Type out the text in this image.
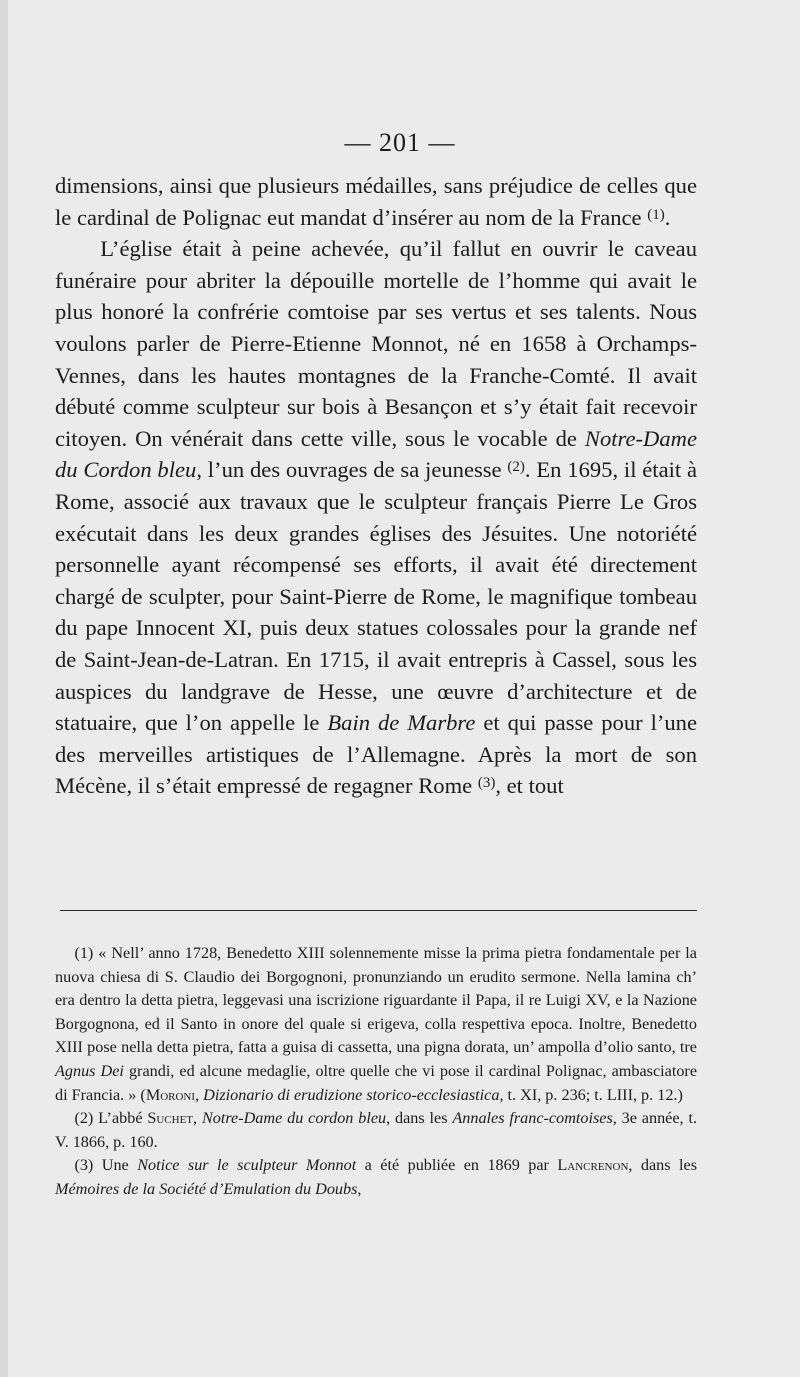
— 201 —

dimensions, ainsi que plusieurs médailles, sans préjudice de celles que le cardinal de Polignac eut mandat d’insérer au nom de la France $^{(1)}$.

L’église était à peine achevée, qu’il fallut en ouvrir le caveau funéraire pour abriter la dépouille mortelle de l’homme qui avait le plus honoré la confrérie comtoise par ses vertus et ses talents. Nous voulons parler de Pierre-Etienne Monnot, né en 1658 à Orchamps-Vennes, dans les hautes montagnes de la Franche-Comté. Il avait débuté comme sculpteur sur bois à Besançon et s’y était fait recevoir citoyen. On vénérait dans cette ville, sous le vocable de Notre-Dame du Cordon bleu, l’un des ouvrages de sa jeunesse $^{(2)}$. En 1695, il était à Rome, associé aux travaux que le sculpteur français Pierre Le Gros exécutait dans les deux grandes églises des Jésuites. Une notoriété personnelle ayant récompensé ses efforts, il avait été directement chargé de sculpter, pour Saint-Pierre de Rome, le magnifique tombeau du pape Innocent XI, puis deux statues colossales pour la grande nef de Saint-Jean-de-Latran. En 1715, il avait entrepris à Cassel, sous les auspices du landgrave de Hesse, une œuvre d’architecture et de statuaire, que l’on appelle le Bain de Marbre et qui passe pour l’une des merveilles artistiques de l’Allemagne. Après la mort de son Mécène, il s’était empressé de regagner Rome $^{(3)}$, et tout

(1) « Nell’ anno 1728, Benedetto XIII solennemente misse la prima pietra fondamentale per la nuova chiesa di S. Claudio dei Borgognoni, pronunziando un erudito sermone. Nella lamina ch’ era dentro la detta pietra, leggevasi una iscrizione riguardante il Papa, il re Luigi XV, e la Nazione Borgognona, ed il Santo in onore del quale si erigeva, colla respettiva epoca. Inoltre, Benedetto XIII pose nella detta pietra, fatta a guisa di cassetta, una pigna dorata, un’ ampolla d’olio santo, tre Agnus Dei grandi, ed alcune medaglie, oltre quelle che vi pose il cardinal Polignac, ambasciatore di Francia. » (Moroni, Dizionario di erudizione storico-ecclesiastica, t. XI, p. 236; t. LIII, p. 12.)

(2) L’abbé Suchet, Notre-Dame du cordon bleu, dans les Annales franc-comtoises, 3e année, t. V. 1866, p. 160.

(3) Une Notice sur le sculpteur Monnot a été publiée en 1869 par Lancrenon, dans les Mémoires de la Société d’Emulation du Doubs,
